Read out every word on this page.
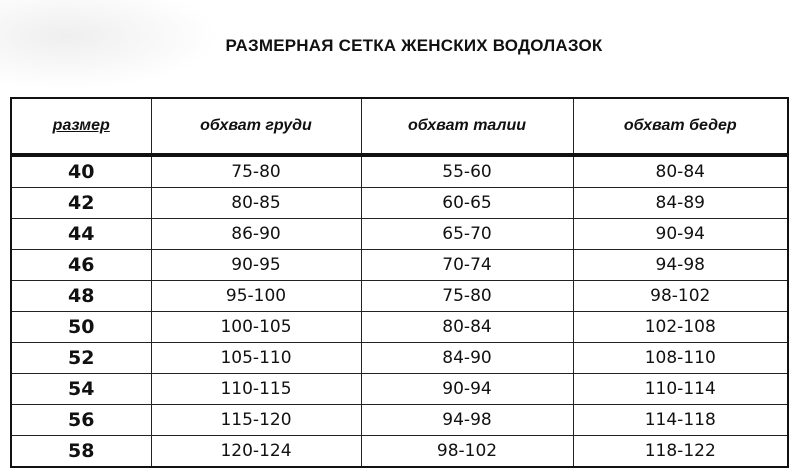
РАЗМЕРНАЯ СЕТКА ЖЕНСКИХ ВОДОЛАЗОК
размер	обхват груди	обхват талии	обхват бедер
40	75-80	55-60	80-84
42	80-85	60-65	84-89
44	86-90	65-70	90-94
46	90-95	70-74	94-98
48	95-100	75-80	98-102
50	100-105	80-84	102-108
52	105-110	84-90	108-110
54	110-115	90-94	110-114
56	115-120	94-98	114-118
58	120-124	98-102	118-122
